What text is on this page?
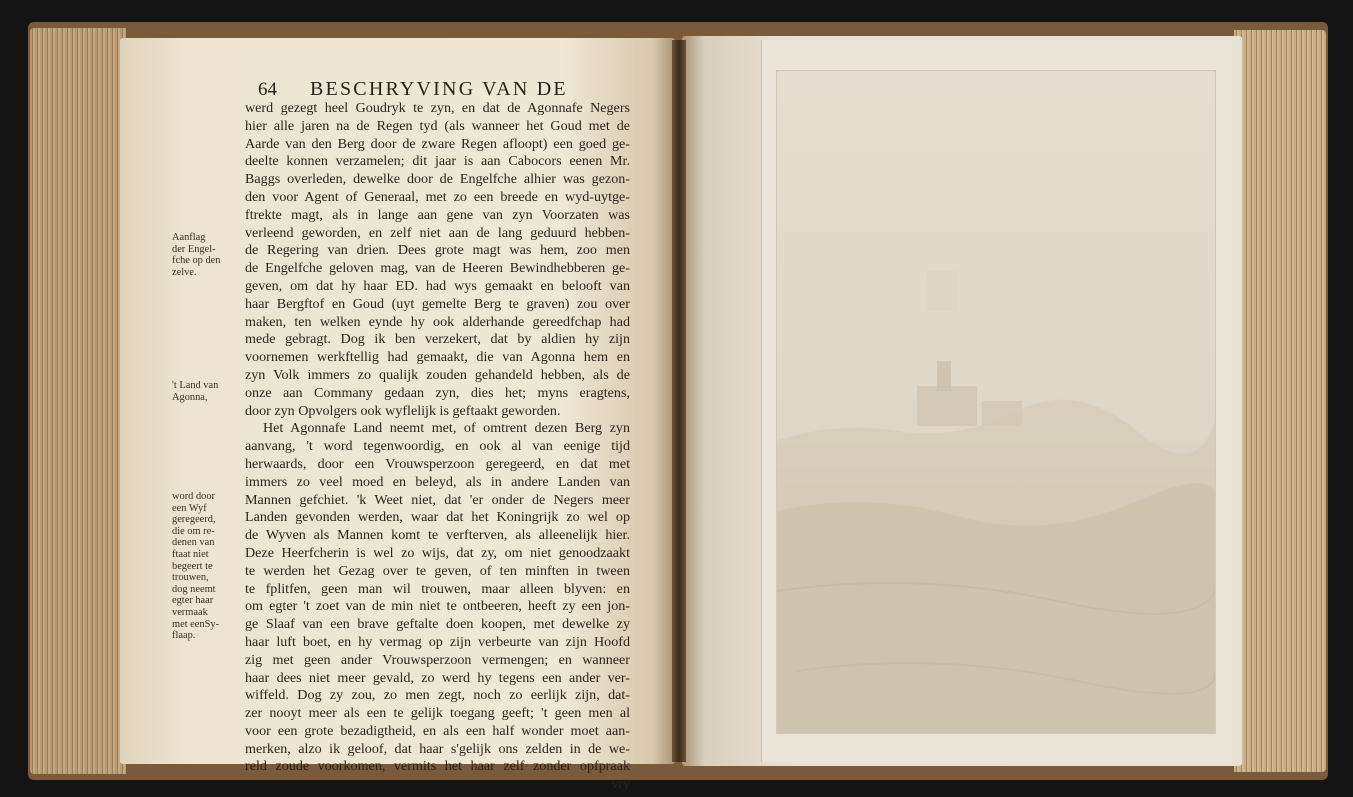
64 BESCHRYVING VAN DE
Aanflag
der Engel-
fche op den
zelve.
't Land van
Agonna,
word door
een Wyf
geregeerd,
die om re-
denen van
ftaat niet
begeert te
trouwen,
dog neemt
egter haar
vermaak
met eenSy-
flaap.
werd gezegt heel Goudryk te zyn, en dat de Agonnafe Negers
hier alle jaren na de Regen tyd (als wanneer het Goud met de
Aarde van den Berg door de zware Regen afloopt) een goed ge-
deelte konnen verzamelen; dit jaar is aan Cabocors eenen Mr.
Baggs overleden, dewelke door de Engelfche alhier was gezon-
den voor Agent of Generaal, met zo een breede en wyd-uytge-
ftrekte magt, als in lange aan gene van zyn Voorzaten was
verleend geworden, en zelf niet aan de lang geduurd hebben-
de Regering van drien. Dees grote magt was hem, zoo men
de Engelfche geloven mag, van de Heeren Bewindhebberen ge-
geven, om dat hy haar ED. had wys gemaakt en belooft van
haar Bergftof en Goud (uyt gemelte Berg te graven) zou over
maken, ten welken eynde hy ook alderhande gereedfchap had
mede gebragt. Dog ik ben verzekert, dat by aldien hy zijn
voornemen werkftellig had gemaakt, die van Agonna hem en
zyn Volk immers zo qualijk zouden gehandeld hebben, als de
onze aan Commany gedaan zyn, dies het; myns eragtens,
door zyn Opvolgers ook wyflelijk is geftaakt geworden.
Het Agonnafe Land neemt met, of omtrent dezen Berg zyn
aanvang, 't word tegenwoordig, en ook al van eenige tijd
herwaards, door een Vrouwsperzoon geregeerd, en dat met
immers zo veel moed en beleyd, als in andere Landen van
Mannen gefchiet. 'k Weet niet, dat 'er onder de Negers meer
Landen gevonden werden, waar dat het Koningrijk zo wel op
de Wyven als Mannen komt te verfterven, als alleenelijk hier.
Deze Heerfcherin is wel zo wijs, dat zy, om niet genoodzaakt
te werden het Gezag over te geven, of ten minften in tween
te fplitfen, geen man wil trouwen, maar alleen blyven: en
om egter 't zoet van de min niet te ontbeeren, heeft zy een jon-
ge Slaaf van een brave geftalte doen koopen, met dewelke zy
haar luft boet, en hy vermag op zijn verbeurte van zijn Hoofd
zig met geen ander Vrouwsperzoon vermengen; en wanneer
haar dees niet meer gevald, zo werd hy tegens een ander ver-
wiffeld. Dog zy zou, zo men zegt, noch zo eerlijk zijn, dat-
zer nooyt meer als een te gelijk toegang geeft; 't geen men al
voor een grote bezadigtheid, en als een half wonder moet aan-
merken, alzo ik geloof, dat haar s'gelijk ons zelden in de we-
reld zoude voorkomen, vermits het haar zelf zonder opfpraak
vry
